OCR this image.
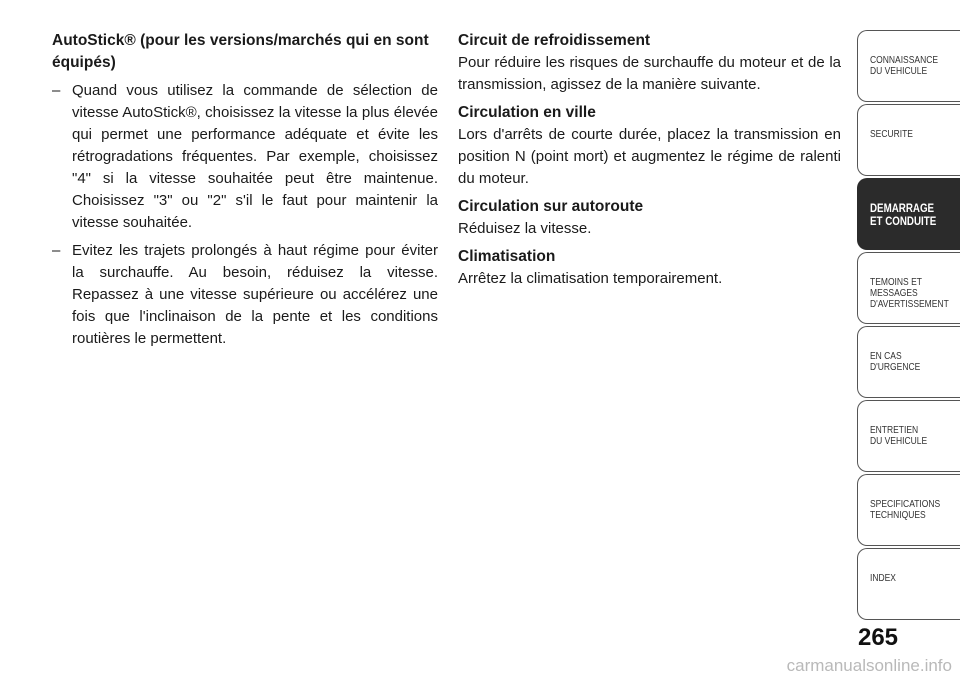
AutoStick® (pour les versions/marchés qui en sont équipés)
– Quand vous utilisez la commande de sélection de vitesse AutoStick®, choisissez la vitesse la plus élevée qui permet une performance adéquate et évite les rétrogradations fréquentes. Par exemple, choisissez "4" si la vitesse souhaitée peut être maintenue. Choisissez "3" ou "2" s'il le faut pour maintenir la vitesse souhaitée.
– Evitez les trajets prolongés à haut régime pour éviter la surchauffe. Au besoin, réduisez la vitesse. Repassez à une vitesse supérieure ou accélérez une fois que l'inclinaison de la pente et les conditions routières le permettent.
Circuit de refroidissement

Pour réduire les risques de surchauffe du moteur et de la transmission, agissez de la manière suivante.

Circulation en ville

Lors d'arrêts de courte durée, placez la transmission en position N (point mort) et augmentez le régime de ralenti du moteur.

Circulation sur autoroute

Réduisez la vitesse.

Climatisation

Arrêtez la climatisation temporairement.

CONNAISSANCE
DU VEHICULE
SECURITE
DEMARRAGE
ET CONDUITE
TEMOINS ET
MESSAGES
D'AVERTISSEMENT
EN CAS
D'URGENCE
ENTRETIEN
DU VEHICULE
SPECIFICATIONS
TECHNIQUES
INDEX
265
carmanualsonline.info
